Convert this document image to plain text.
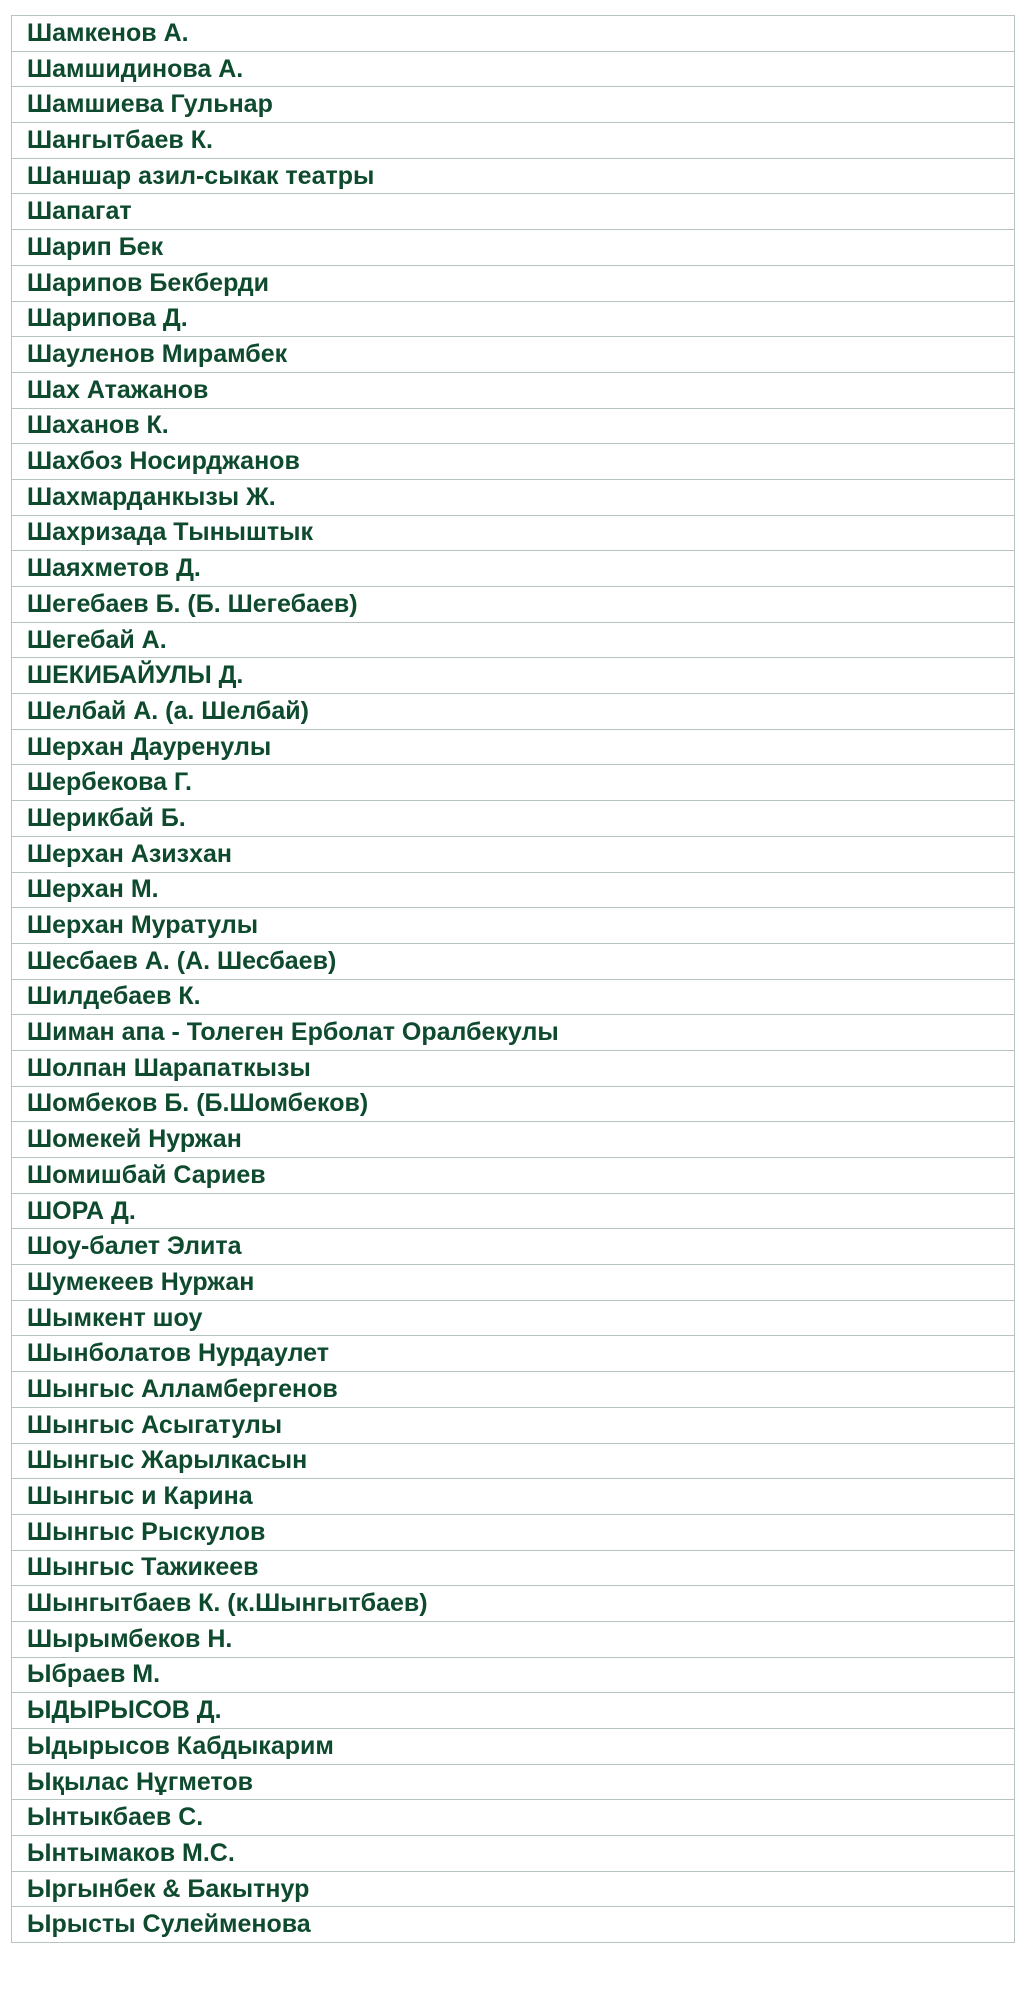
Шамкенов А.
Шамшидинова А.
Шамшиева Гульнар
Шангытбаев К.
Шаншар азил-сыкак театры
Шапагат
Шарип Бек
Шарипов Бекберди
Шарипова Д.
Шауленов Мирамбек
Шах Атажанов
Шаханов К.
Шахбоз Носирджанов
Шахмарданкызы Ж.
Шахризада Тыныштык
Шаяхметов Д.
Шегебаев Б. (Б. Шегебаев)
Шегебай А.
ШЕКИБАЙУЛЫ Д.
Шелбай А. (а. Шелбай)
Шерхан Дауренулы
Шербекова Г.
Шерикбай Б.
Шерхан Азизхан
Шерхан М.
Шерхан Муратулы
Шесбаев А. (А. Шесбаев)
Шилдебаев К.
Шиман апа - Толеген Ерболат Оралбекулы
Шолпан Шарапаткызы
Шомбеков Б. (Б.Шомбеков)
Шомекей Нуржан
Шомишбай Сариев
ШОРА Д.
Шоу-балет Элита
Шумекеев Нуржан
Шымкент шоу
Шынболатов Нурдаулет
Шынгыс Алламбергенов
Шынгыс Асыгатулы
Шынгыс Жарылкасын
Шынгыс и Карина
Шынгыс Рыскулов
Шынгыс Тажикеев
Шынгытбаев К. (к.Шынгытбаев)
Шырымбеков Н.
Ыбраев М.
ЫДЫРЫСОВ Д.
Ыдырысов Кабдыкарим
Ықылас Нұгметов
Ынтыкбаев С.
Ынтымаков М.С.
Ыргынбек & Бакытнур
Ырысты Сулейменова
